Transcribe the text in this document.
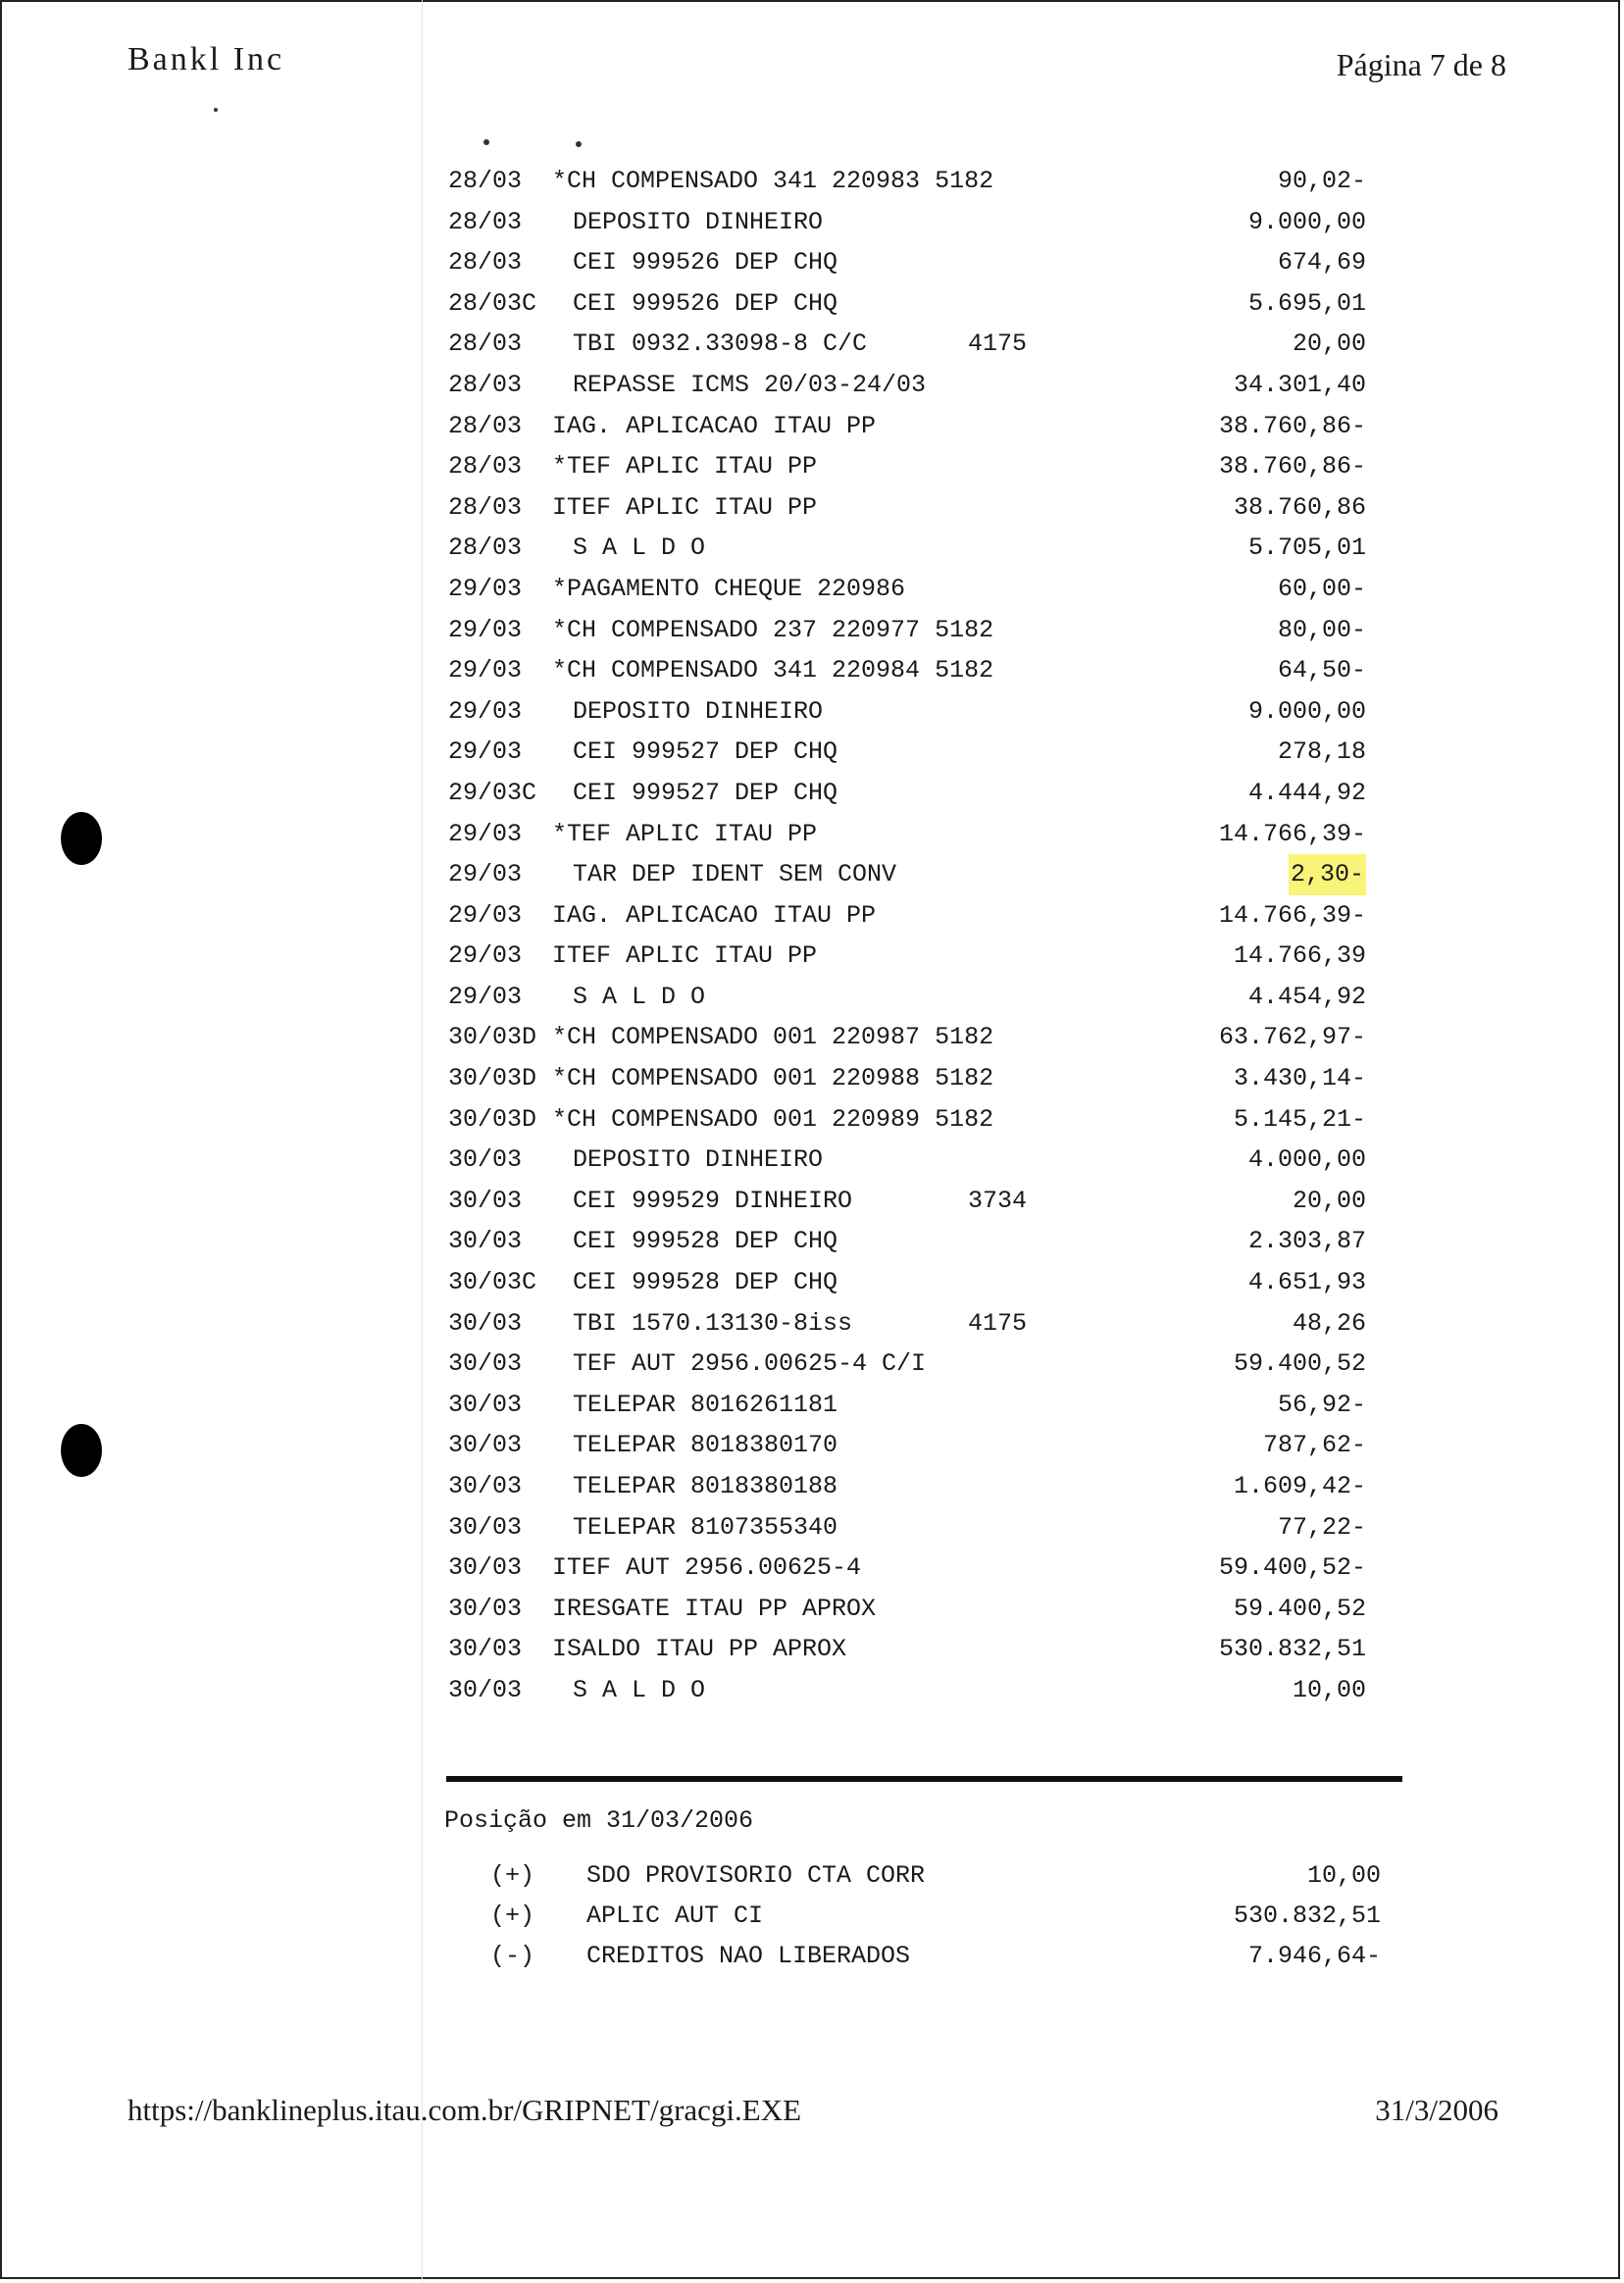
Bankl Inc	Página 7 de 8
28/03 *CH COMPENSADO 341 220983 5182	90,02-
28/03 DEPOSITO DINHEIRO	9.000,00
28/03 CEI 999526 DEP CHQ	674,69
28/03C CEI 999526 DEP CHQ	5.695,01
28/03 TBI 0932.33098-8 C/C	4175	20,00
28/03 REPASSE ICMS 20/03-24/03	34.301,40
28/03 IAG. APLICACAO ITAU PP	38.760,86-
28/03 *TEF APLIC ITAU PP	38.760,86-
28/03 ITEF APLIC ITAU PP	38.760,86
28/03 S A L D O	5.705,01
29/03 *PAGAMENTO CHEQUE 220986	60,00-
29/03 *CH COMPENSADO 237 220977 5182	80,00-
29/03 *CH COMPENSADO 341 220984 5182	64,50-
29/03 DEPOSITO DINHEIRO	9.000,00
29/03 CEI 999527 DEP CHQ	278,18
29/03C CEI 999527 DEP CHQ	4.444,92
29/03 *TEF APLIC ITAU PP	14.766,39-
29/03 TAR DEP IDENT SEM CONV	2,30-
29/03 IAG. APLICACAO ITAU PP	14.766,39-
29/03 ITEF APLIC ITAU PP	14.766,39
29/03 S A L D O	4.454,92
30/03D *CH COMPENSADO 001 220987 5182	63.762,97-
30/03D *CH COMPENSADO 001 220988 5182	3.430,14-
30/03D *CH COMPENSADO 001 220989 5182	5.145,21-
30/03 DEPOSITO DINHEIRO	4.000,00
30/03 CEI 999529 DINHEIRO	3734	20,00
30/03 CEI 999528 DEP CHQ	2.303,87
30/03C CEI 999528 DEP CHQ	4.651,93
30/03 TBI 1570.13130-8iss	4175	48,26
30/03 TEF AUT 2956.00625-4 C/I	59.400,52
30/03 TELEPAR 8016261181	56,92-
30/03 TELEPAR 8018380170	787,62-
30/03 TELEPAR 8018380188	1.609,42-
30/03 TELEPAR 8107355340	77,22-
30/03 ITEF AUT 2956.00625-4	59.400,52-
30/03 IRESGATE ITAU PP APROX	59.400,52
30/03 ISALDO ITAU PP APROX	530.832,51
30/03 S A L D O	10,00
Posição em 31/03/2006
(+) SDO PROVISORIO CTA CORR	10,00
(+) APLIC AUT CI	530.832,51
(-) CREDITOS NAO LIBERADOS	7.946,64-
https://banklineplus.itau.com.br/GRIPNET/gracgi.EXE	31/3/2006
